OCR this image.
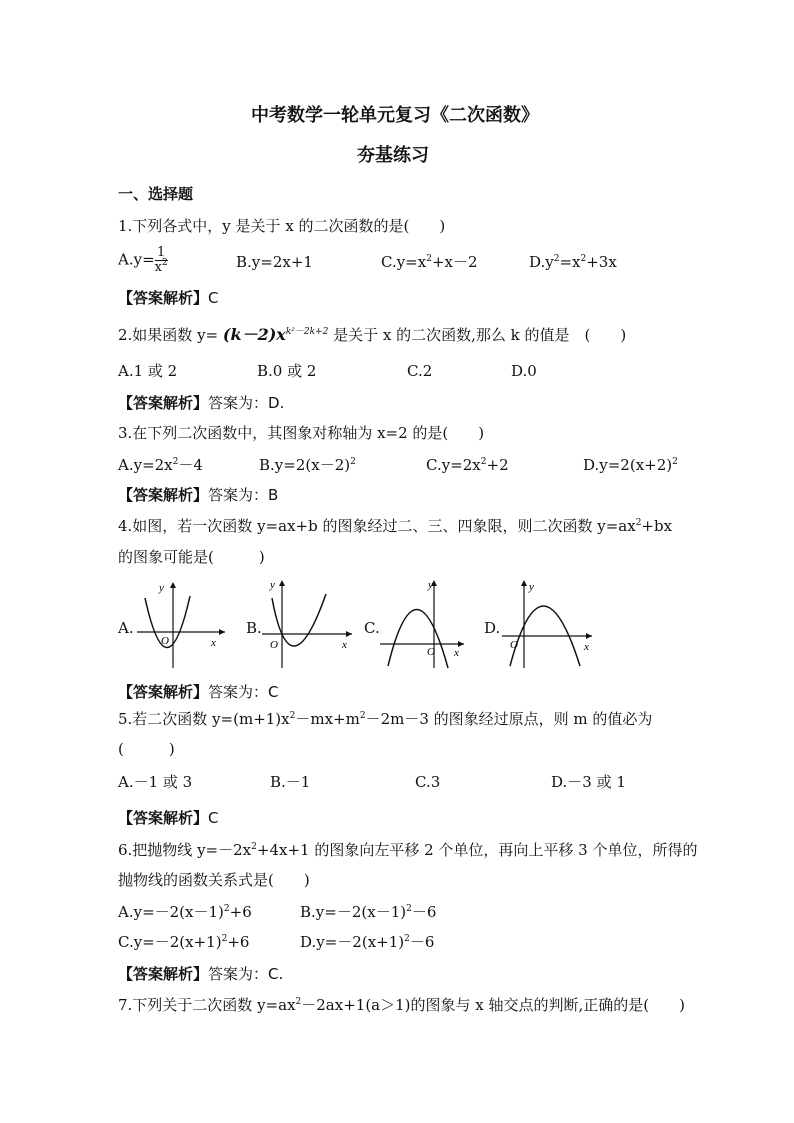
中考数学一轮单元复习《二次函数》
夯基练习
一、选择题
1.下列各式中，y 是关于 x 的二次函数的是(　　)
$A.y= \frac{1}{x^2}$	B.y=2x+1	$C.y=x^2+x-2$	$D.y^2=x^2+3x$
【答案解析】C
2.如果函数 $y= (k-2)x^{k^2-2k+2}$ 是关于 x 的二次函数,那么 k 的值是　(　　)
A.1 或 2	B.0 或 2	C.2	D.0
【答案解析】答案为：D.
3.在下列二次函数中，其图象对称轴为 x=2 的是(　　)
$A.y=2x^2-4$	$B.y=2(x-2)^2$	$C.y=2x^2+2$	$D.y=2(x+2)^2$
【答案解析】答案为：B
4.如图，若一次函数 y=ax+b 的图象经过二、三、四象限，则二次函数 $y=ax^2+bx$
的图象可能是(　　　)
A.
y
x
O
B.
y
x
O
C.
y
x
O
D.
y
x
O
【答案解析】答案为：C
5.若二次函数 $y=(m+1)x^2-mx+m^2-2m-3$ 的图象经过原点，则 m 的值必为
(　　　)
A.－1 或 3	B.－1	C.3	D.－3 或 1
【答案解析】C
6.把抛物线 $y=-2x^2+4x+1$ 的图象向左平移 2 个单位，再向上平移 3 个单位，所得的
抛物线的函数关系式是(　　)
$A.y=-2(x-1)^2+6$	$B.y=-2(x-1)^2-6$
$C.y=-2(x+1)^2+6$	$D.y=-2(x+1)^2-6$
【答案解析】答案为：C.
7.下列关于二次函数 $y=ax^2-2ax+1(a>1)$的图象与 x 轴交点的判断,正确的是(　　)
